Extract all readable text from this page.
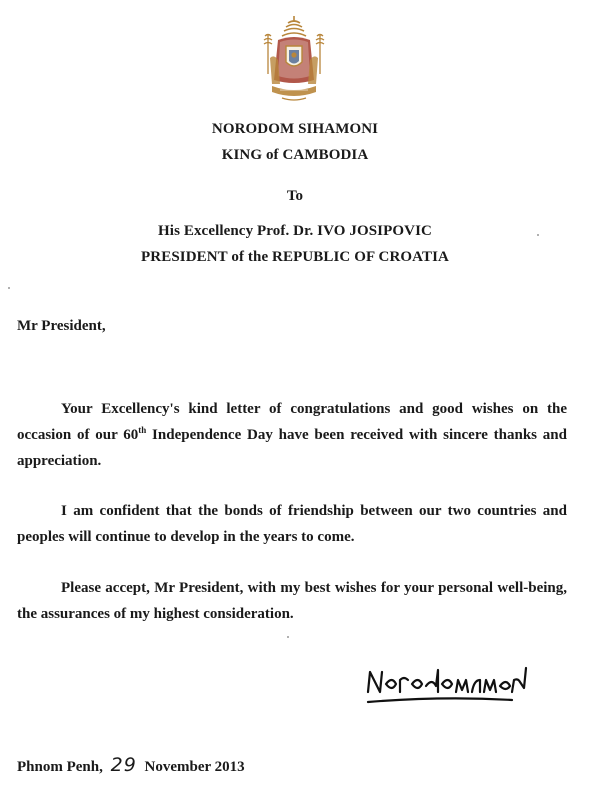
NORODOM SIHAMONI
KING of CAMBODIA
To
His Excellency Prof. Dr. IVO JOSIPOVIC
PRESIDENT of the REPUBLIC OF CROATIA
Mr President,

Your Excellency's kind letter of congratulations and good wishes on the occasion of our 60th Independence Day have been received with sincere thanks and appreciation.

I am confident that the bonds of friendship between our two countries and peoples will continue to develop in the years to come.

Please accept, Mr President, with my best wishes for your personal well-being, the assurances of my highest consideration.

Phnom Penh, 29 November 2013
